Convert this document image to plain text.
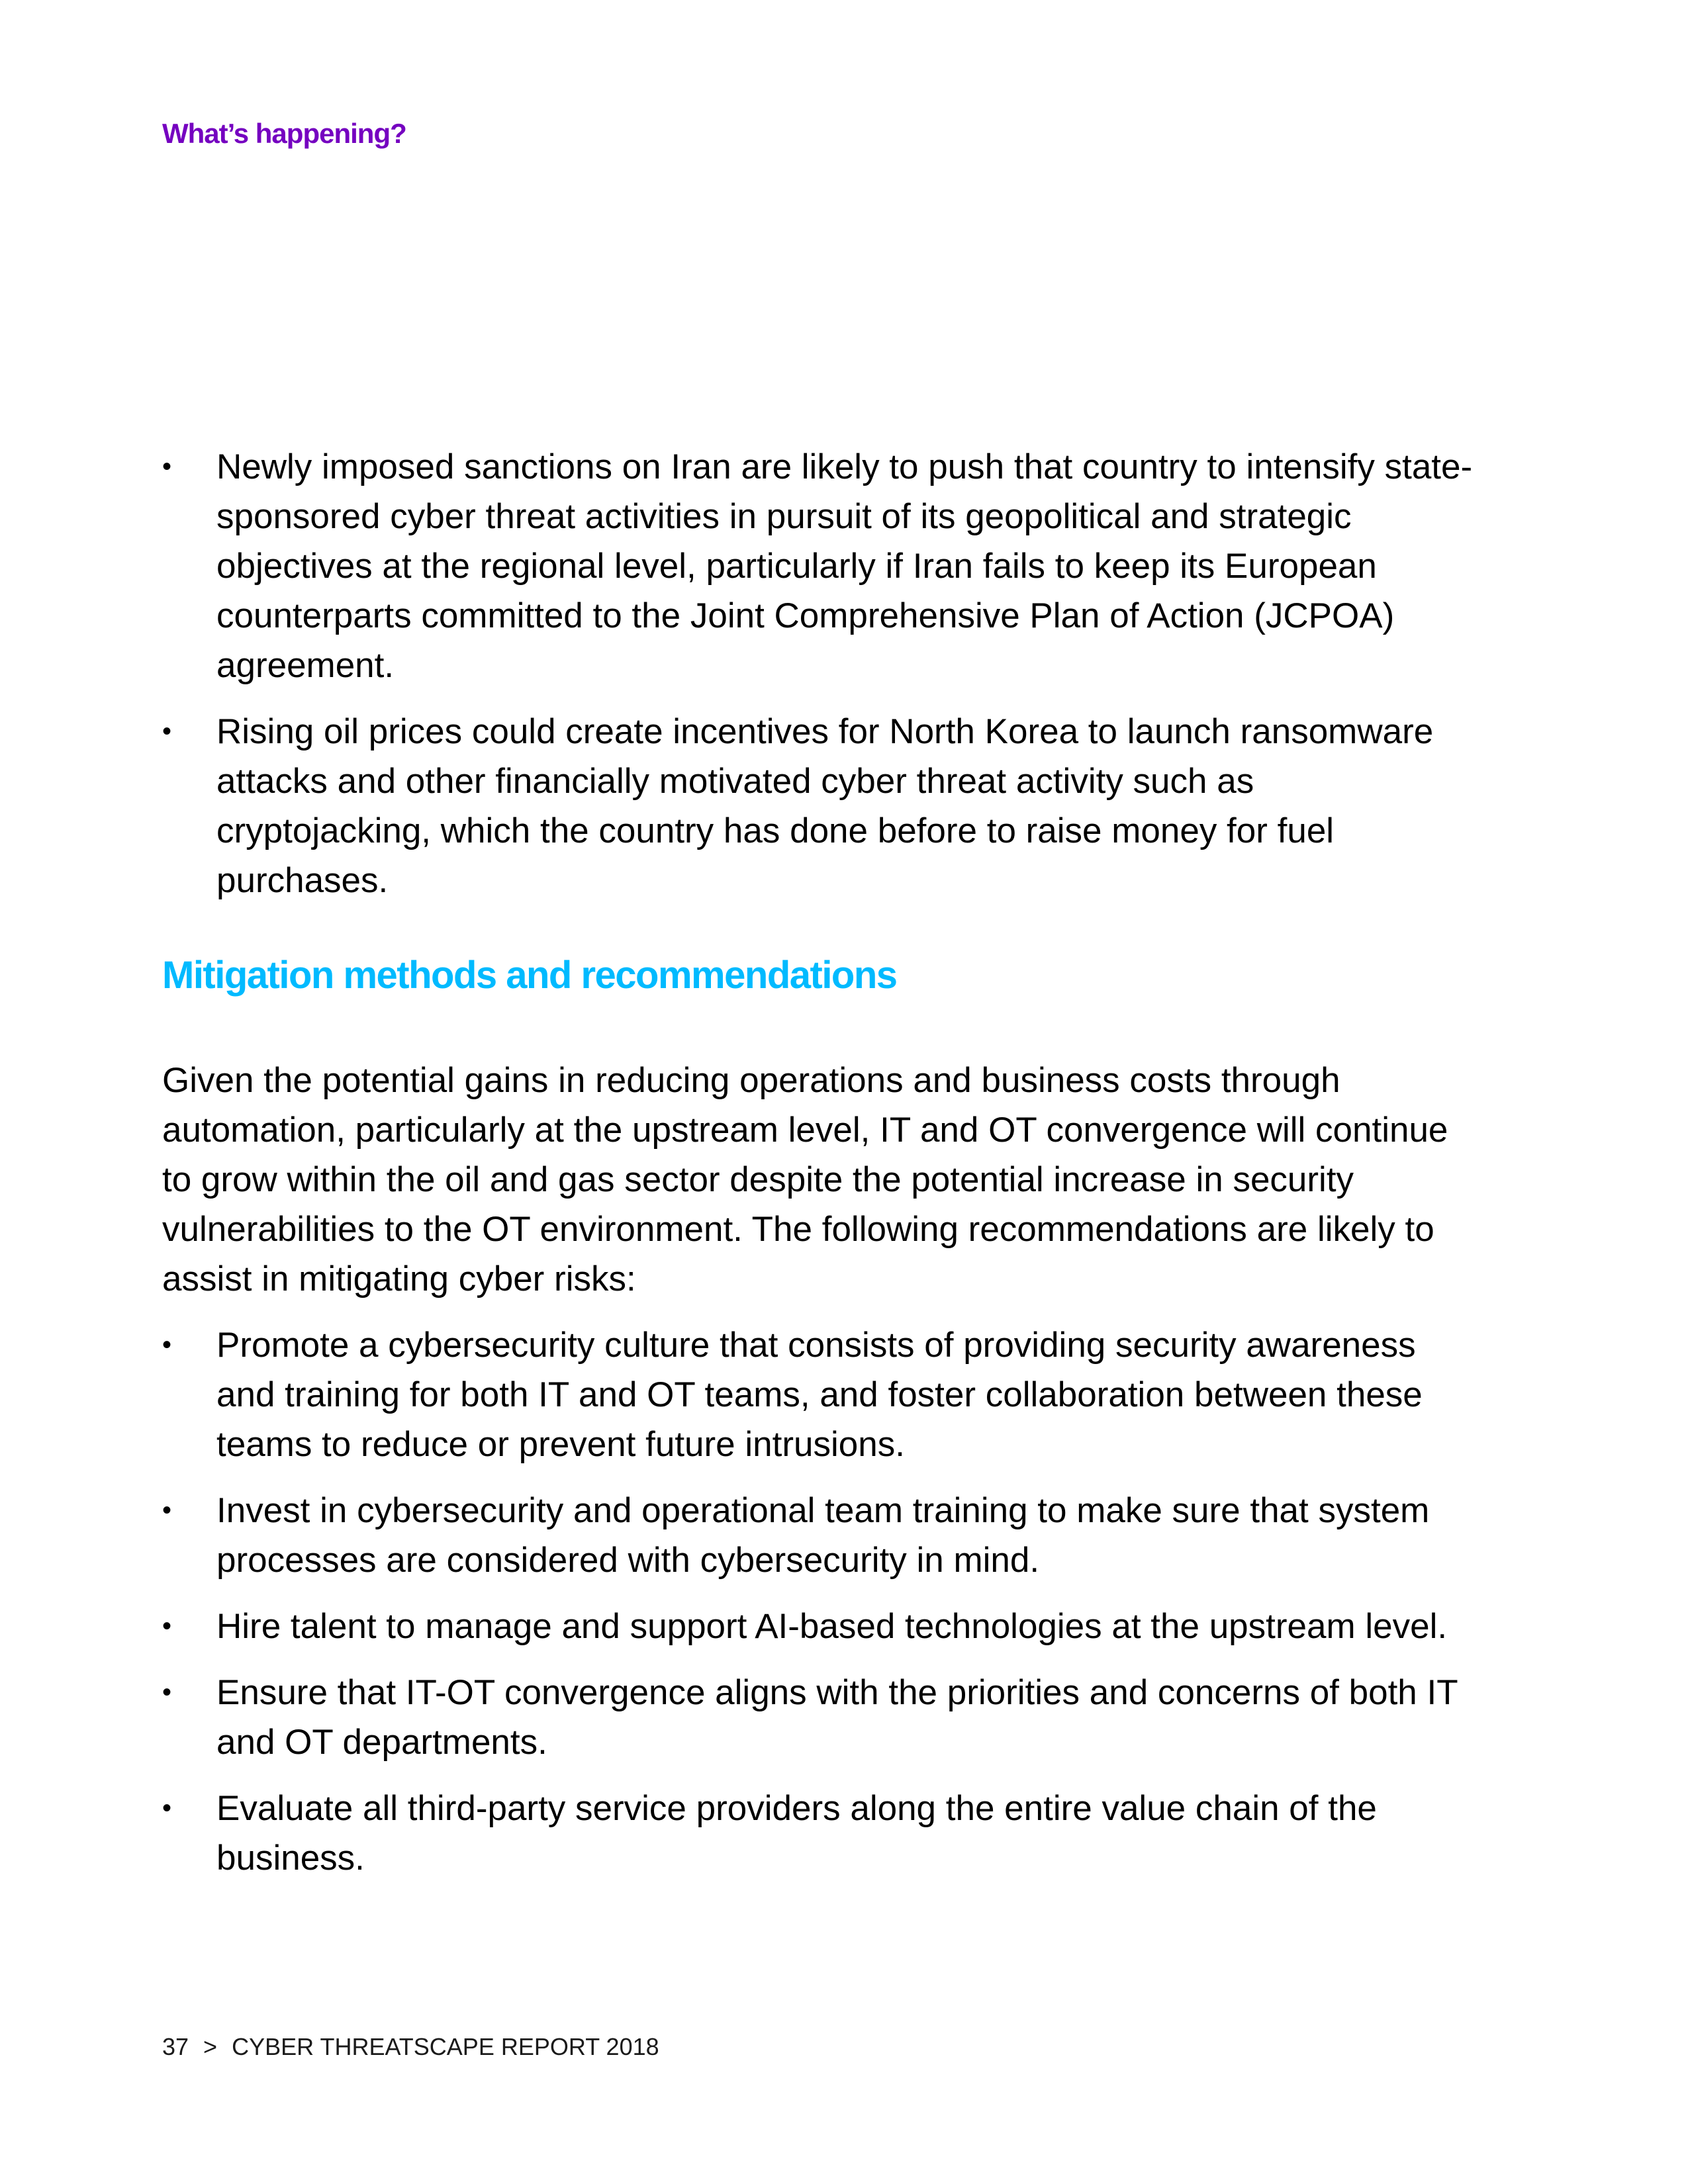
What’s happening?
• Newly imposed sanctions on Iran are likely to push that country to intensify state-sponsored cyber threat activities in pursuit of its geopolitical and strategic objectives at the regional level, particularly if Iran fails to keep its European counterparts committed to the Joint Comprehensive Plan of Action (JCPOA) agreement.
• Rising oil prices could create incentives for North Korea to launch ransomware attacks and other financially motivated cyber threat activity such as cryptojacking, which the country has done before to raise money for fuel purchases.
Mitigation methods and recommendations

Given the potential gains in reducing operations and business costs through automation, particularly at the upstream level, IT and OT convergence will continue to grow within the oil and gas sector despite the potential increase in security vulnerabilities to the OT environment. The following recommendations are likely to assist in mitigating cyber risks:

• Promote a cybersecurity culture that consists of providing security awareness and training for both IT and OT teams, and foster collaboration between these teams to reduce or prevent future intrusions.
• Invest in cybersecurity and operational team training to make sure that system processes are considered with cybersecurity in mind.
• Hire talent to manage and support AI-based technologies at the upstream level.
• Ensure that IT-OT convergence aligns with the priorities and concerns of both IT and OT departments.
• Evaluate all third-party service providers along the entire value chain of the business.
37 > CYBER THREATSCAPE REPORT 2018
